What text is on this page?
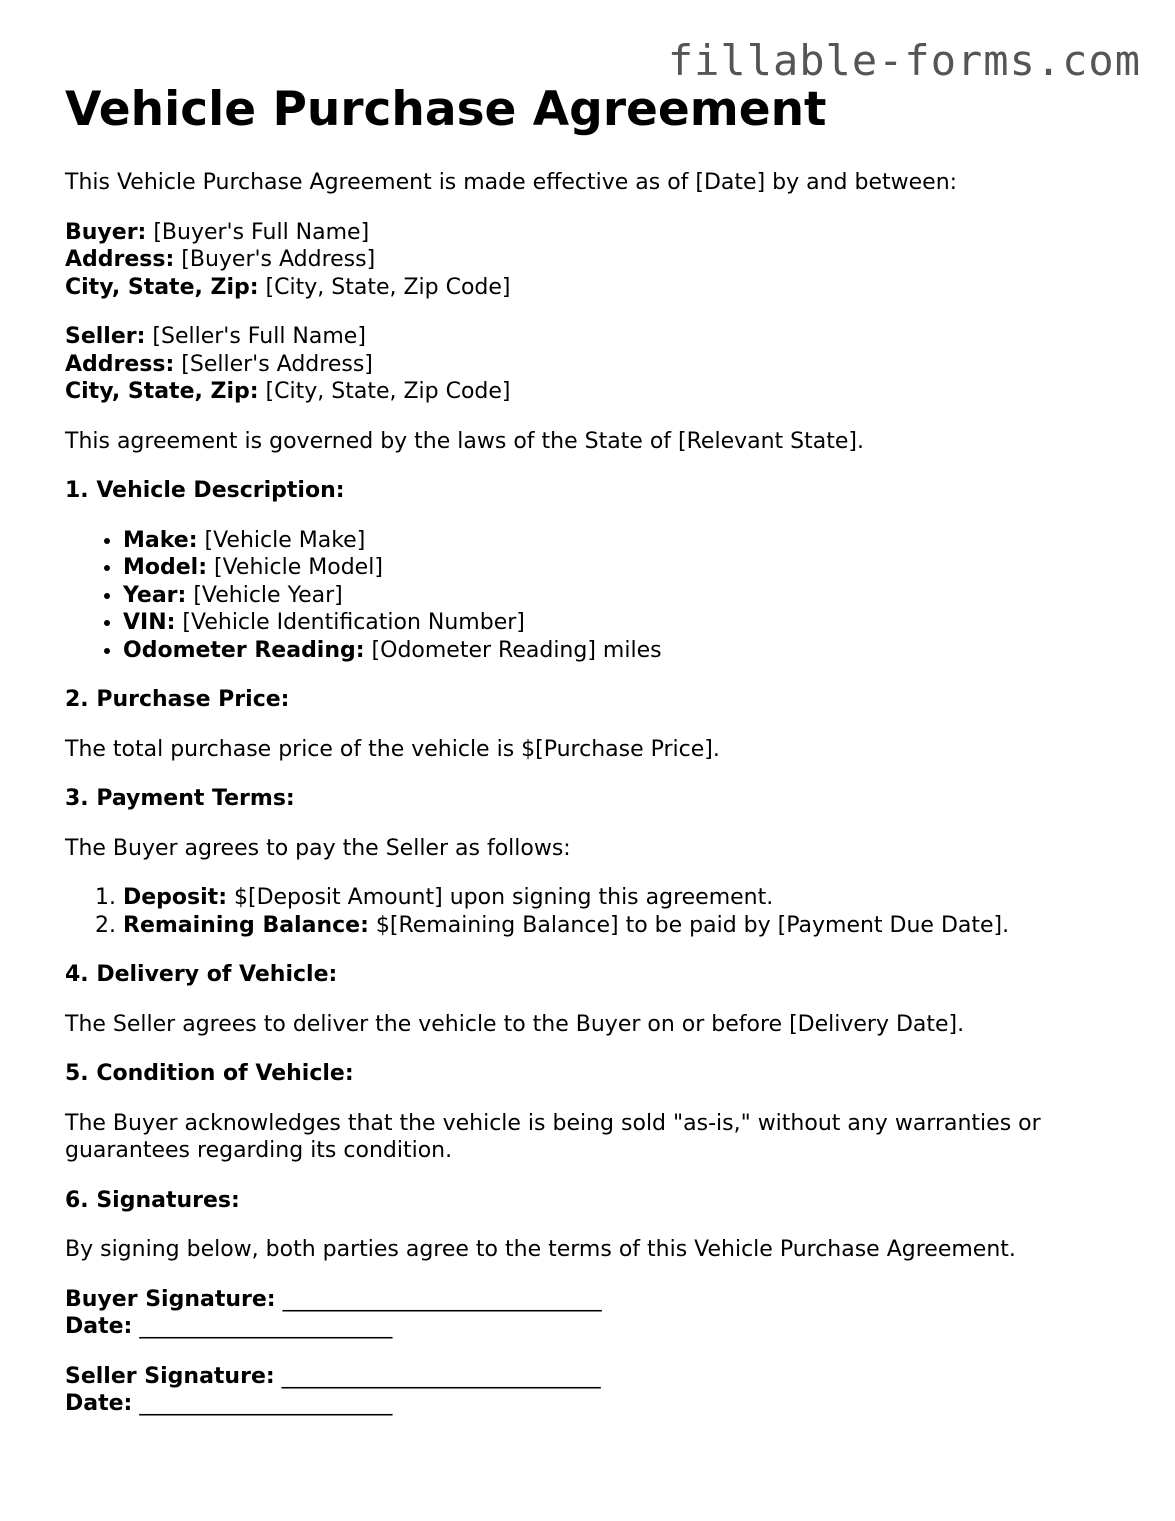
fillable-forms.com
Vehicle Purchase Agreement

This Vehicle Purchase Agreement is made effective as of [Date] by and between:

Buyer: [Buyer's Full Name]
Address: [Buyer's Address]
City, State, Zip: [City, State, Zip Code]
Seller: [Seller's Full Name]
Address: [Seller's Address]
City, State, Zip: [City, State, Zip Code]

This agreement is governed by the laws of the State of [Relevant State].

1. Vehicle Description:

• Make: [Vehicle Make]
• Model: [Vehicle Model]
• Year: [Vehicle Year]
• VIN: [Vehicle Identification Number]
• Odometer Reading: [Odometer Reading] miles

2. Purchase Price:

The total purchase price of the vehicle is $[Purchase Price].

3. Payment Terms:

The Buyer agrees to pay the Seller as follows:

1. Deposit: $[Deposit Amount] upon signing this agreement.
2. Remaining Balance: $[Remaining Balance] to be paid by [Payment Due Date].

4. Delivery of Vehicle:

The Seller agrees to deliver the vehicle to the Buyer on or before [Delivery Date].

5. Condition of Vehicle:

The Buyer acknowledges that the vehicle is being sold "as-is," without any warranties or guarantees regarding its condition.

6. Signatures:

By signing below, both parties agree to the terms of this Vehicle Purchase Agreement.

Buyer Signature: _____________________________
Date: _______________________
Seller Signature: _____________________________
Date: _______________________
